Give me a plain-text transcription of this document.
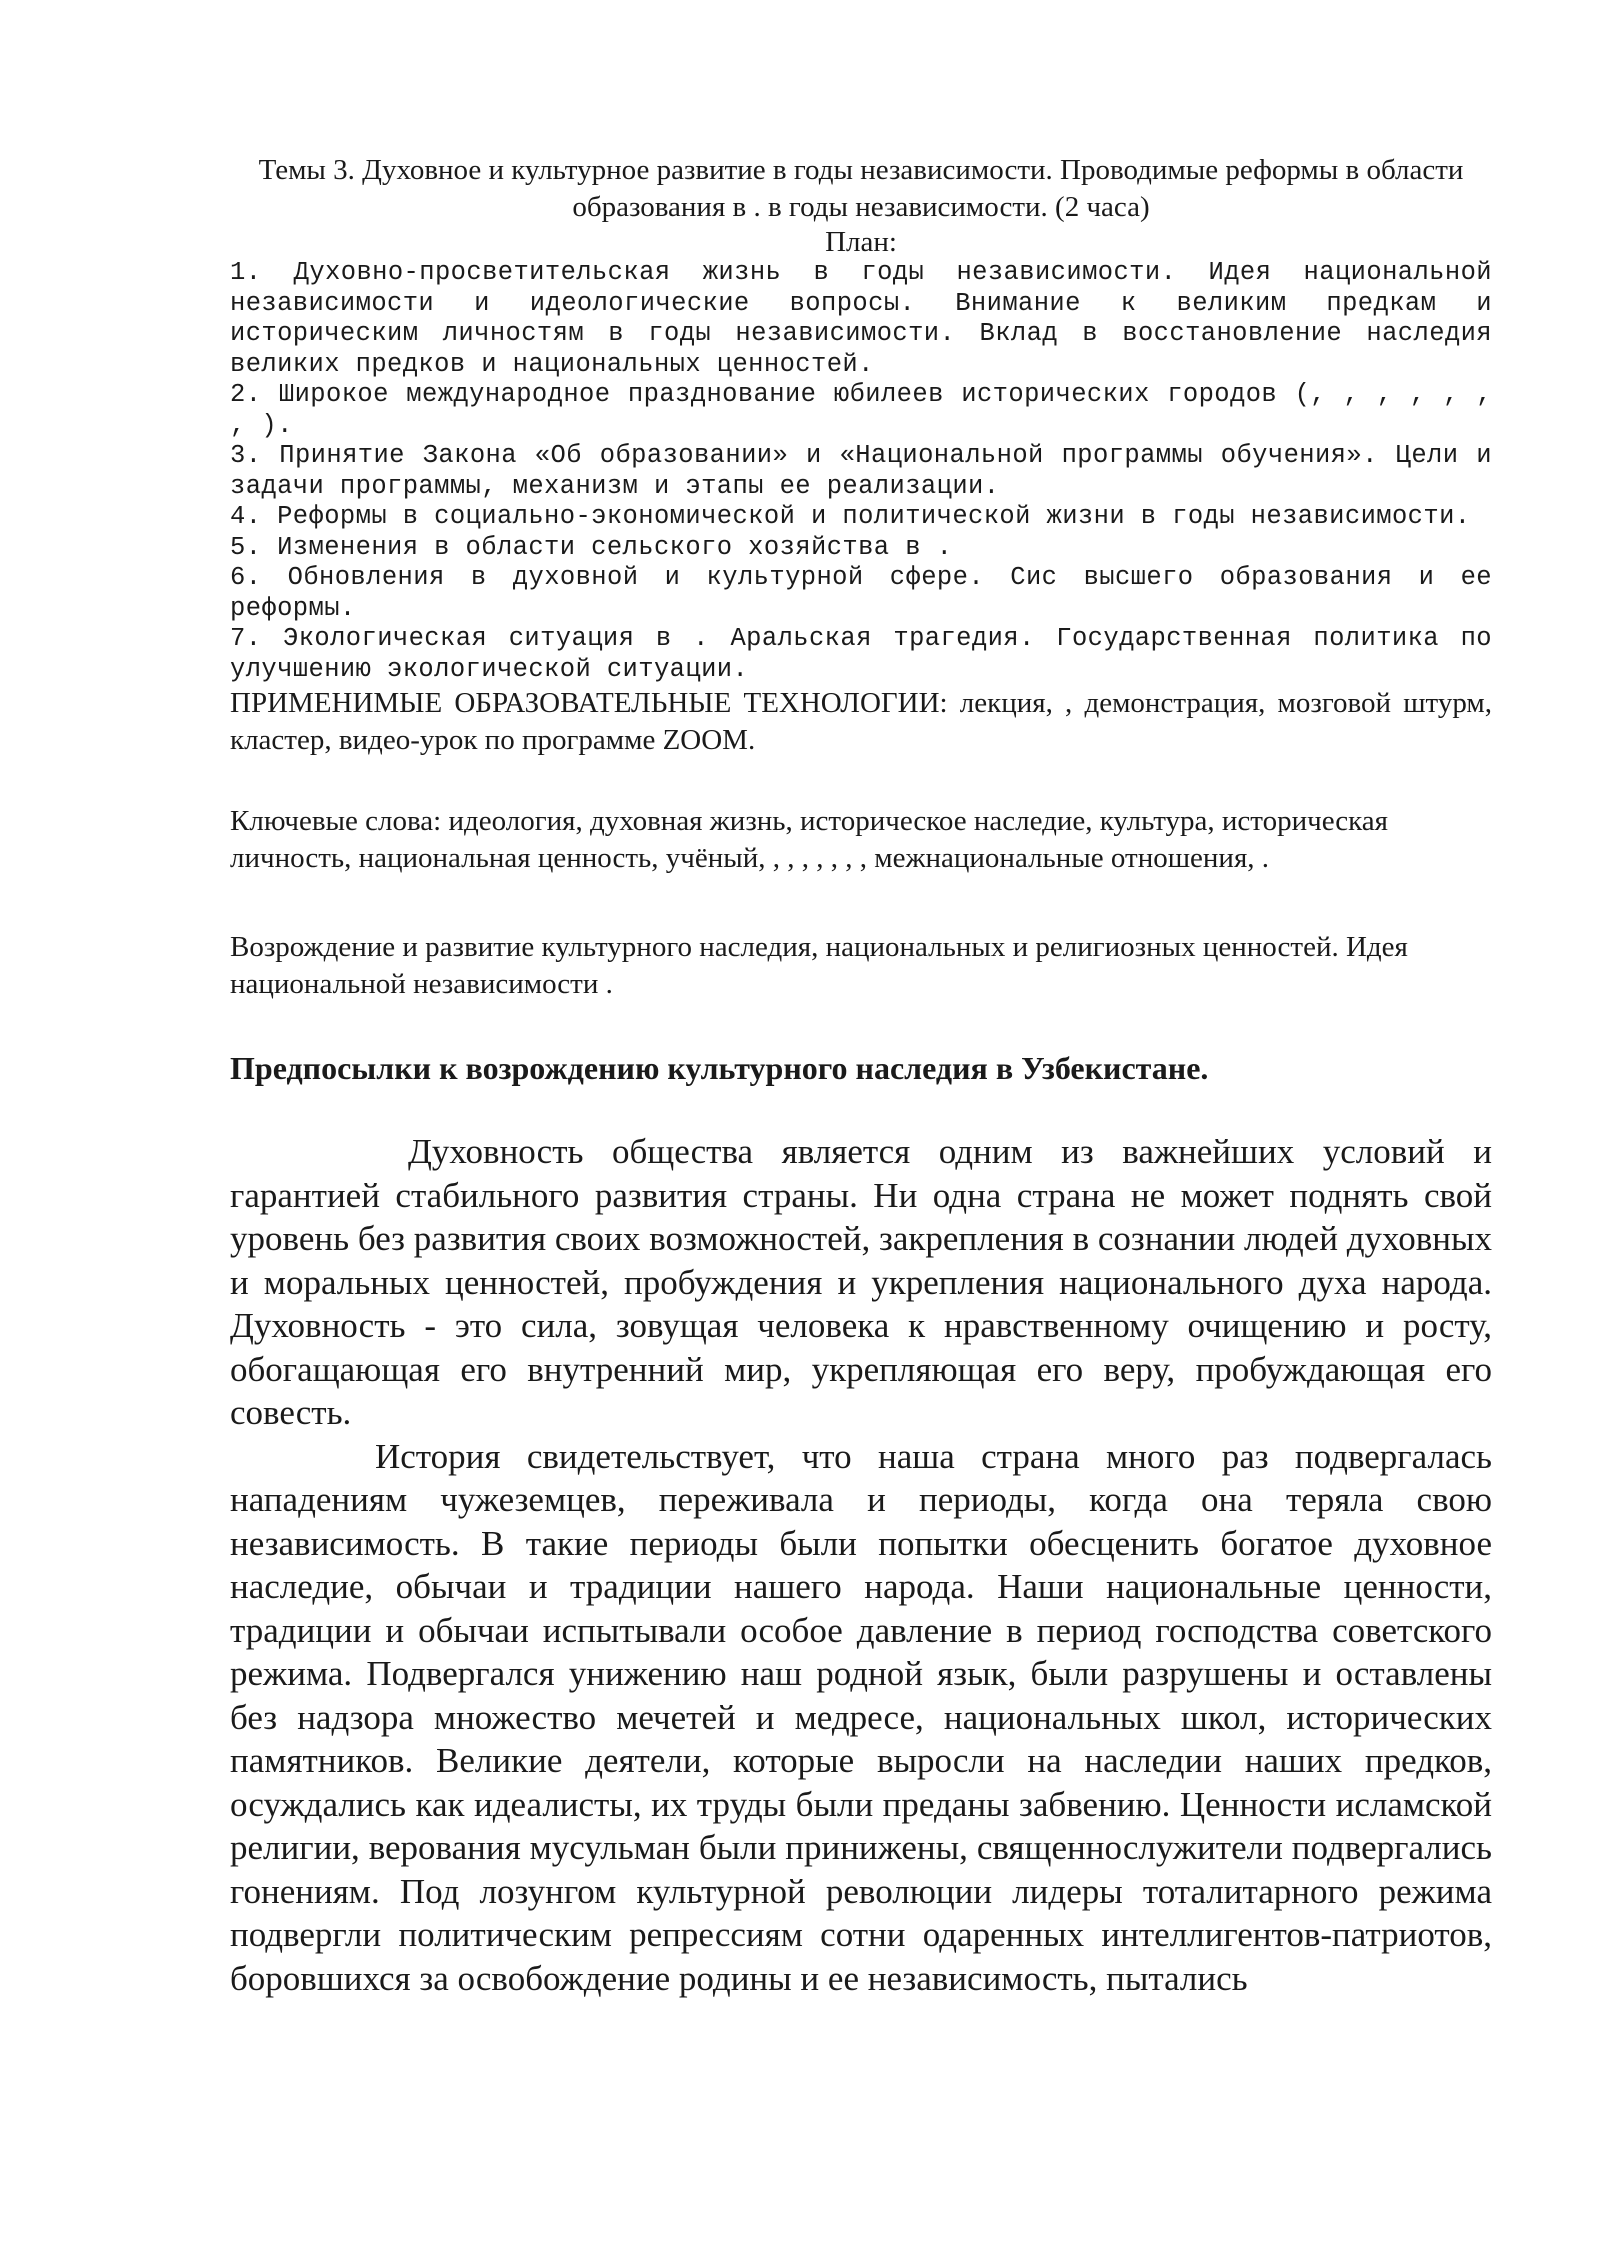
Темы 3. Духовное и культурное развитие в годы независимости. Проводимые реформы в области образования в . в годы независимости. (2 часа)

План:

1. Духовно-просветительская жизнь в годы независимости. Идея национальной независимости и идеологические вопросы. Внимание к великим предкам и историческим личностям в годы независимости. Вклад в восстановление наследия великих предков и национальных ценностей.
2. Широкое международное празднование юбилеев исторических городов (, , , , , , , ).
3. Принятие Закона «Об образовании» и «Национальной программы обучения». Цели и задачи программы, механизм и этапы ее реализации.
4. Реформы в социально-экономической и политической жизни в годы независимости.
5. Изменения в области сельского хозяйства в .
6. Обновления в духовной и культурной сфере. Сис высшего образования и ее реформы.
7. Экологическая ситуация в . Аральская трагедия. Государственная политика по улучшению экологической ситуации.

ПРИМЕНИМЫЕ ОБРАЗОВАТЕЛЬНЫЕ ТЕХНОЛОГИИ: лекция, , демонстрация, мозговой штурм, кластер, видео-урок по программе ZOOM.

Ключевые слова: идеология, духовная жизнь, историческое наследие, культура, историческая личность, национальная ценность, учёный, , , , , , , , межнациональные отношения, .

Возрождение и развитие культурного наследия, национальных и религиозных ценностей. Идея национальной независимости .

Предпосылки к возрождению культурного наследия в Узбекистане.

Духовность общества является одним из важнейших условий и гарантией стабильного развития страны. Ни одна страна не может поднять свой уровень без развития своих возможностей, закрепления в сознании людей духовных и моральных ценностей, пробуждения и укрепления национального духа народа. Духовность - это сила, зовущая человека к нравственному очищению и росту, обогащающая его внутренний мир, укрепляющая его веру, пробуждающая его совесть.

История свидетельствует, что наша страна много раз подвергалась нападениям чужеземцев, переживала и периоды, когда она теряла свою независимость. В такие периоды были попытки обесценить богатое духовное наследие, обычаи и традиции нашего народа. Наши национальные ценности, традиции и обычаи испытывали особое давление в период господства советского режима. Подвергался унижению наш родной язык, были разрушены и оставлены без надзора множество мечетей и медресе, национальных школ, исторических памятников. Великие деятели, которые выросли на наследии наших предков, осуждались как идеалисты, их труды были преданы забвению. Ценности исламской религии, верования мусульман были принижены, священнослужители подвергались гонениям. Под лозунгом культурной революции лидеры тоталитарного режима подвергли политическим репрессиям сотни одаренных интеллигентов-патриотов, боровшихся за освобождение родины и ее независимость, пытались
